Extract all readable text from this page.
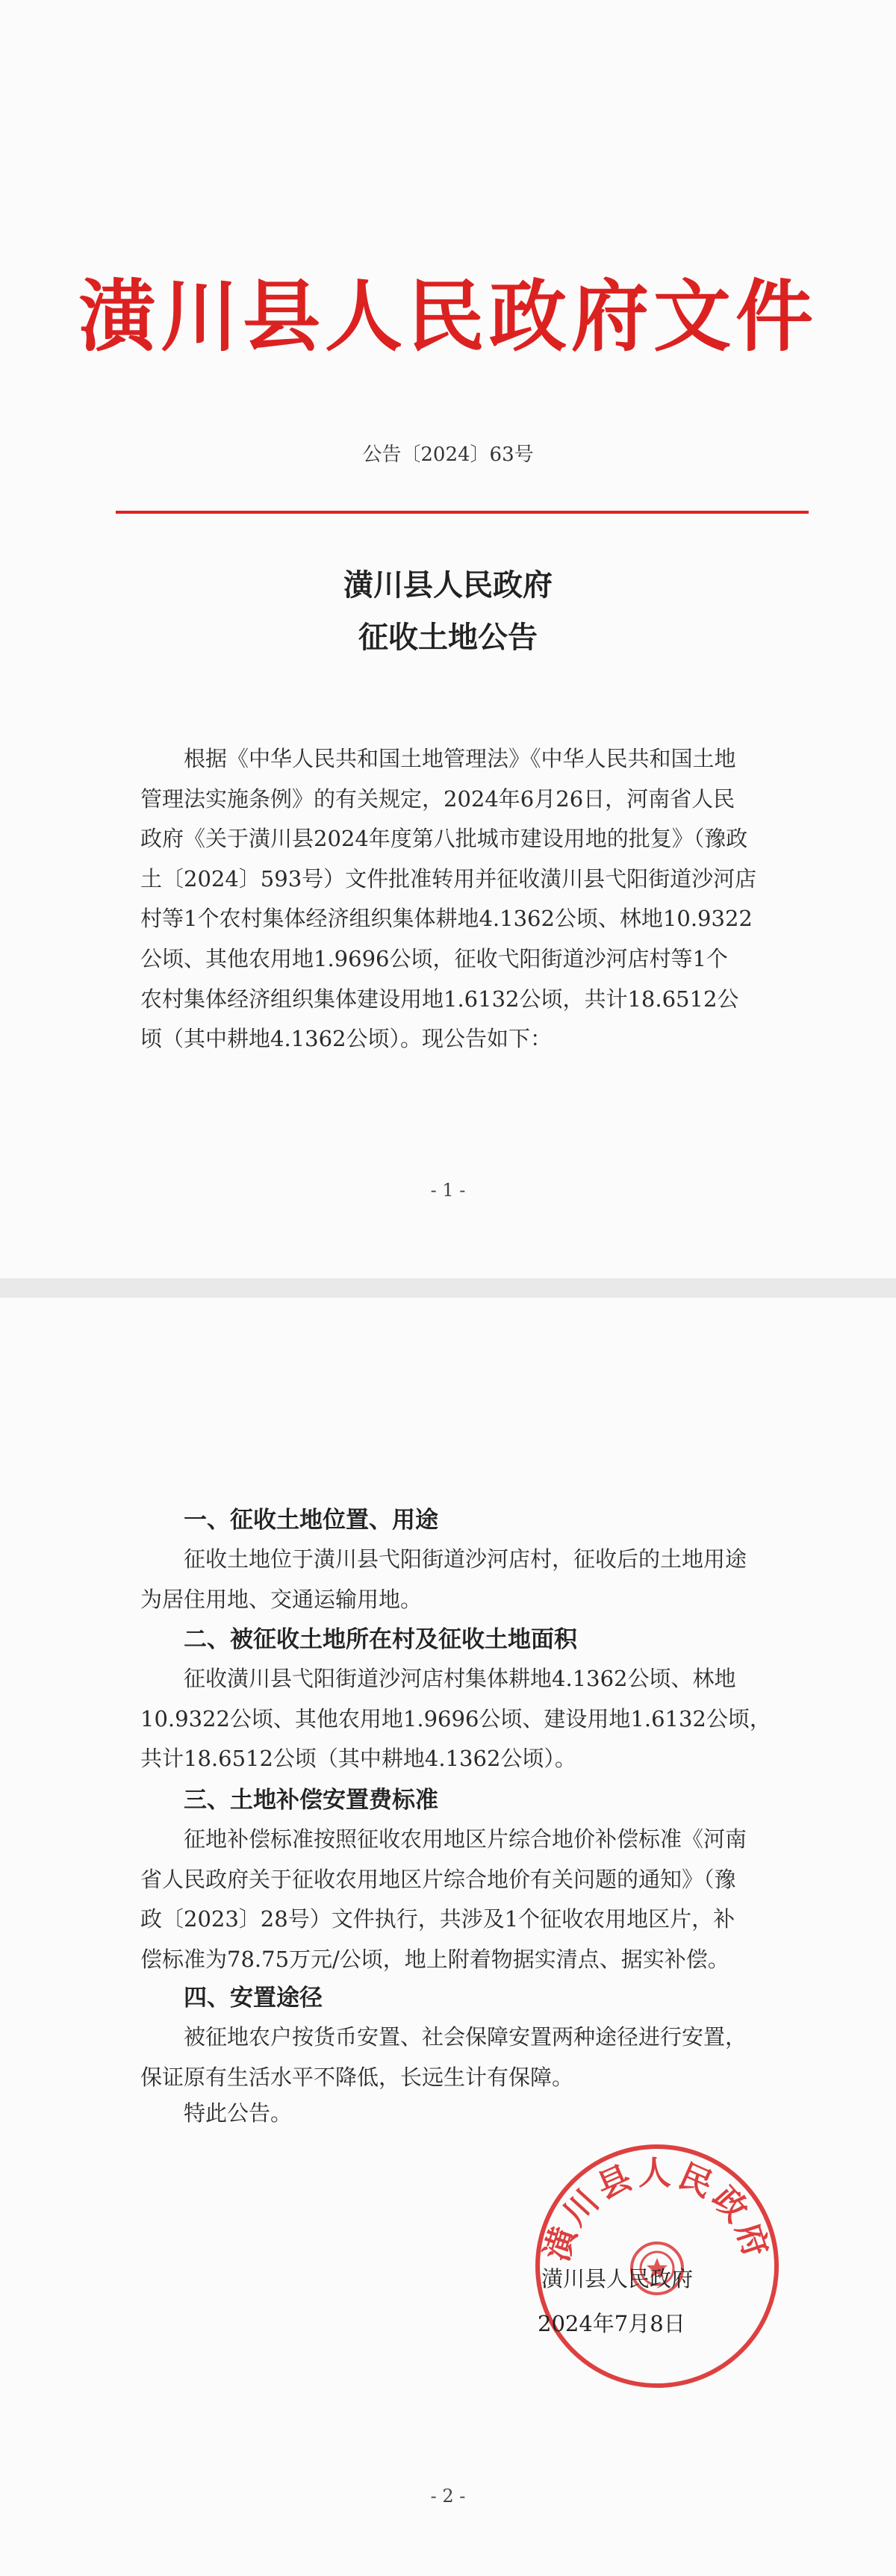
潢川县人民政府文件
公告〔2024〕63号
潢川县人民政府
征收土地公告
根据《中华人民共和国土地管理法》《中华人民共和国土地
管理法实施条例》的有关规定，2024年6月26日，河南省人民
政府《关于潢川县2024年度第八批城市建设用地的批复》（豫政
土〔2024〕593号）文件批准转用并征收潢川县弋阳街道沙河店
村等1个农村集体经济组织集体耕地4.1362公顷、林地10.9322
公顷、其他农用地1.9696公顷，征收弋阳街道沙河店村等1个
农村集体经济组织集体建设用地1.6132公顷，共计18.6512公
顷（其中耕地4.1362公顷）。现公告如下：
- 1 -
一、征收土地位置、用途
征收土地位于潢川县弋阳街道沙河店村，征收后的土地用途
为居住用地、交通运输用地。
二、被征收土地所在村及征收土地面积
征收潢川县弋阳街道沙河店村集体耕地4.1362公顷、林地
10.9322公顷、其他农用地1.9696公顷、建设用地1.6132公顷，
共计18.6512公顷（其中耕地4.1362公顷）。
三、土地补偿安置费标准
征地补偿标准按照征收农用地区片综合地价补偿标准《河南
省人民政府关于征收农用地区片综合地价有关问题的通知》（豫
政〔2023〕28号）文件执行，共涉及1个征收农用地区片，补
偿标准为78.75万元/公顷，地上附着物据实清点、据实补偿。
四、安置途径
被征地农户按货币安置、社会保障安置两种途径进行安置，
保证原有生活水平不降低，长远生计有保障。
特此公告。
潢川县人民政府
潢川县人民政府
2024年7月8日
- 2 -
